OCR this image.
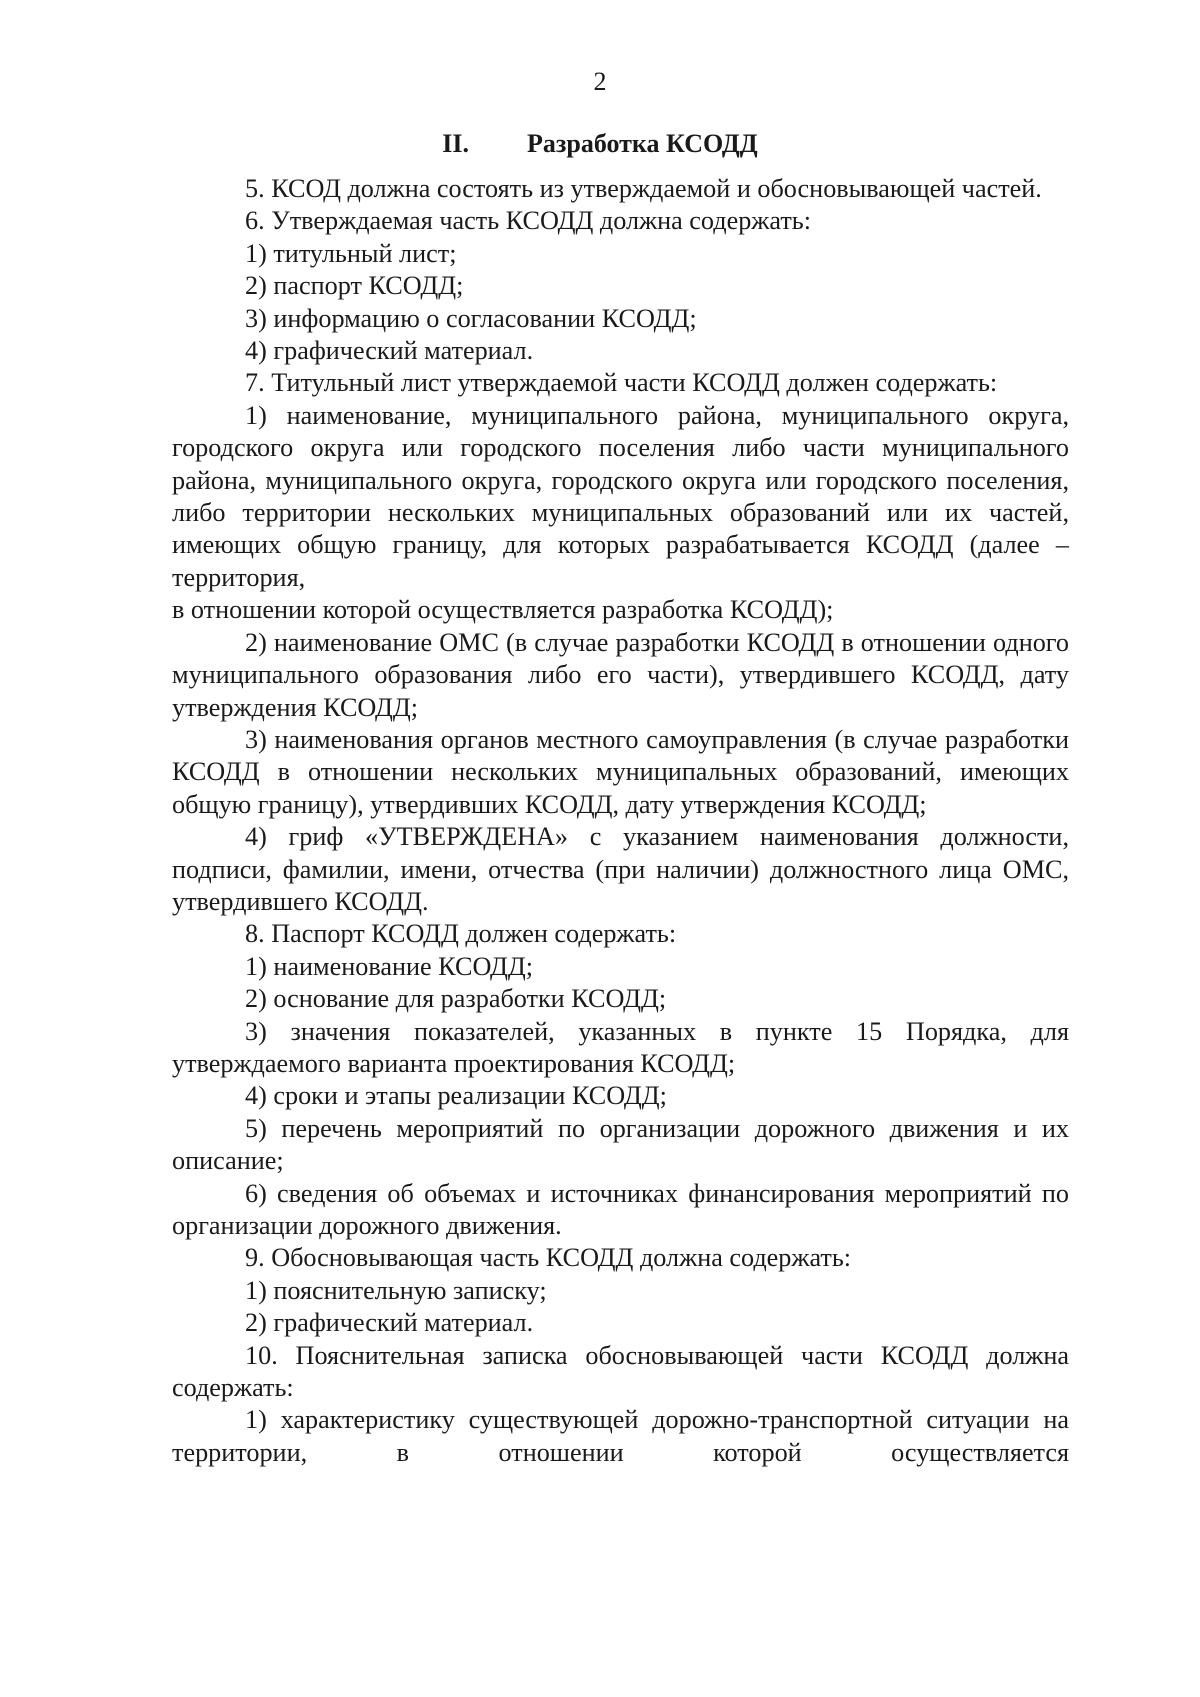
2
II. Разработка КСОДД

5. КСОД должна состоять из утверждаемой и обосновывающей частей.

6. Утверждаемая часть КСОДД должна содержать:

1) титульный лист;

2) паспорт КСОДД;

3) информацию о согласовании КСОДД;

4) графический материал.

7. Титульный лист утверждаемой части КСОДД должен содержать:

1) наименование, муниципального района, муниципального округа, городского округа или городского поселения либо части муниципального района, муниципального округа, городского округа или городского поселения, либо территории нескольких муниципальных образований или их частей, имеющих общую границу, для которых разрабатывается КСОДД (далее – территория,

в отношении которой осуществляется разработка КСОДД);

2) наименование ОМС (в случае разработки КСОДД в отношении одного муниципального образования либо его части), утвердившего КСОДД, дату утверждения КСОДД;

3) наименования органов местного самоуправления (в случае разработки КСОДД в отношении нескольких муниципальных образований, имеющих общую границу), утвердивших КСОДД, дату утверждения КСОДД;

4) гриф «УТВЕРЖДЕНА» с указанием наименования должности, подписи, фамилии, имени, отчества (при наличии) должностного лица ОМС, утвердившего КСОДД.

8. Паспорт КСОДД должен содержать:

1) наименование КСОДД;

2) основание для разработки КСОДД;

3) значения показателей, указанных в пункте 15 Порядка, для утверждаемого варианта проектирования КСОДД;

4) сроки и этапы реализации КСОДД;

5) перечень мероприятий по организации дорожного движения и их описание;

6) сведения об объемах и источниках финансирования мероприятий по организации дорожного движения.

9. Обосновывающая часть КСОДД должна содержать:

1) пояснительную записку;

2) графический материал.

10. Пояснительная записка обосновывающей части КСОДД должна содержать:

1) характеристику существующей дорожно-транспортной ситуации на территории, в отношении которой осуществляется
